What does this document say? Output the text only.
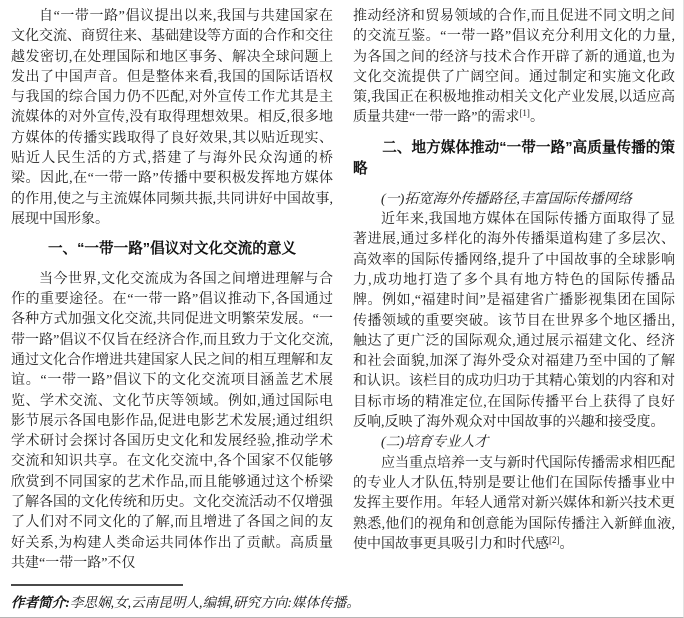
自“一带一路”倡议提出以来,我国与共建国家在文化交流、商贸往来、基础建设等方面的合作和交往越发密切,在处理国际和地区事务、解决全球问题上发出了中国声音。但是整体来看,我国的国际话语权与我国的综合国力仍不匹配,对外宣传工作尤其是主流媒体的对外宣传,没有取得理想效果。相反,很多地方媒体的传播实践取得了良好效果,其以贴近现实、贴近人民生活的方式,搭建了与海外民众沟通的桥梁。因此,在“一带一路”传播中要积极发挥地方媒体的作用,使之与主流媒体同频共振,共同讲好中国故事,展现中国形象。

一、“一带一路”倡议对文化交流的意义

当今世界,文化交流成为各国之间增进理解与合作的重要途径。在“一带一路”倡议推动下,各国通过各种方式加强文化交流,共同促进文明繁荣发展。“一带一路”倡议不仅旨在经济合作,而且致力于文化交流,通过文化合作增进共建国家人民之间的相互理解和友谊。“一带一路”倡议下的文化交流项目涵盖艺术展览、学术交流、文化节庆等领域。例如,通过国际电影节展示各国电影作品,促进电影艺术发展;通过组织学术研讨会探讨各国历史文化和发展经验,推动学术交流和知识共享。在文化交流中,各个国家不仅能够欣赏到不同国家的艺术作品,而且能够通过这个桥梁了解各国的文化传统和历史。文化交流活动不仅增强了人们对不同文化的了解,而且增进了各国之间的友好关系,为构建人类命运共同体作出了贡献。高质量共建“一带一路”不仅

推动经济和贸易领域的合作,而且促进不同文明之间的交流互鉴。“一带一路”倡议充分利用文化的力量,为各国之间的经济与技术合作开辟了新的通道,也为文化交流提供了广阔空间。通过制定和实施文化政策,我国正在积极地推动相关文化产业发展,以适应高质量共建“一带一路”的需求[1]。

二、地方媒体推动“一带一路”高质量传播的策略

(一)拓宽海外传播路径,丰富国际传播网络

近年来,我国地方媒体在国际传播方面取得了显著进展,通过多样化的海外传播渠道构建了多层次、高效率的国际传播网络,提升了中国故事的全球影响力,成功地打造了多个具有地方特色的国际传播品牌。例如,“福建时间”是福建省广播影视集团在国际传播领域的重要突破。该节目在世界多个地区播出,触达了更广泛的国际观众,通过展示福建文化、经济和社会面貌,加深了海外受众对福建乃至中国的了解和认识。该栏目的成功归功于其精心策划的内容和对目标市场的精准定位,在国际传播平台上获得了良好反响,反映了海外观众对中国故事的兴趣和接受度。

(二)培育专业人才

应当重点培养一支与新时代国际传播需求相匹配的专业人才队伍,特别是要让他们在国际传播事业中发挥主要作用。年轻人通常对新兴媒体和新兴技术更熟悉,他们的视角和创意能为国际传播注入新鲜血液,使中国故事更具吸引力和时代感[2]。

作者简介:李思娴,女,云南昆明人,编辑,研究方向:媒体传播。
